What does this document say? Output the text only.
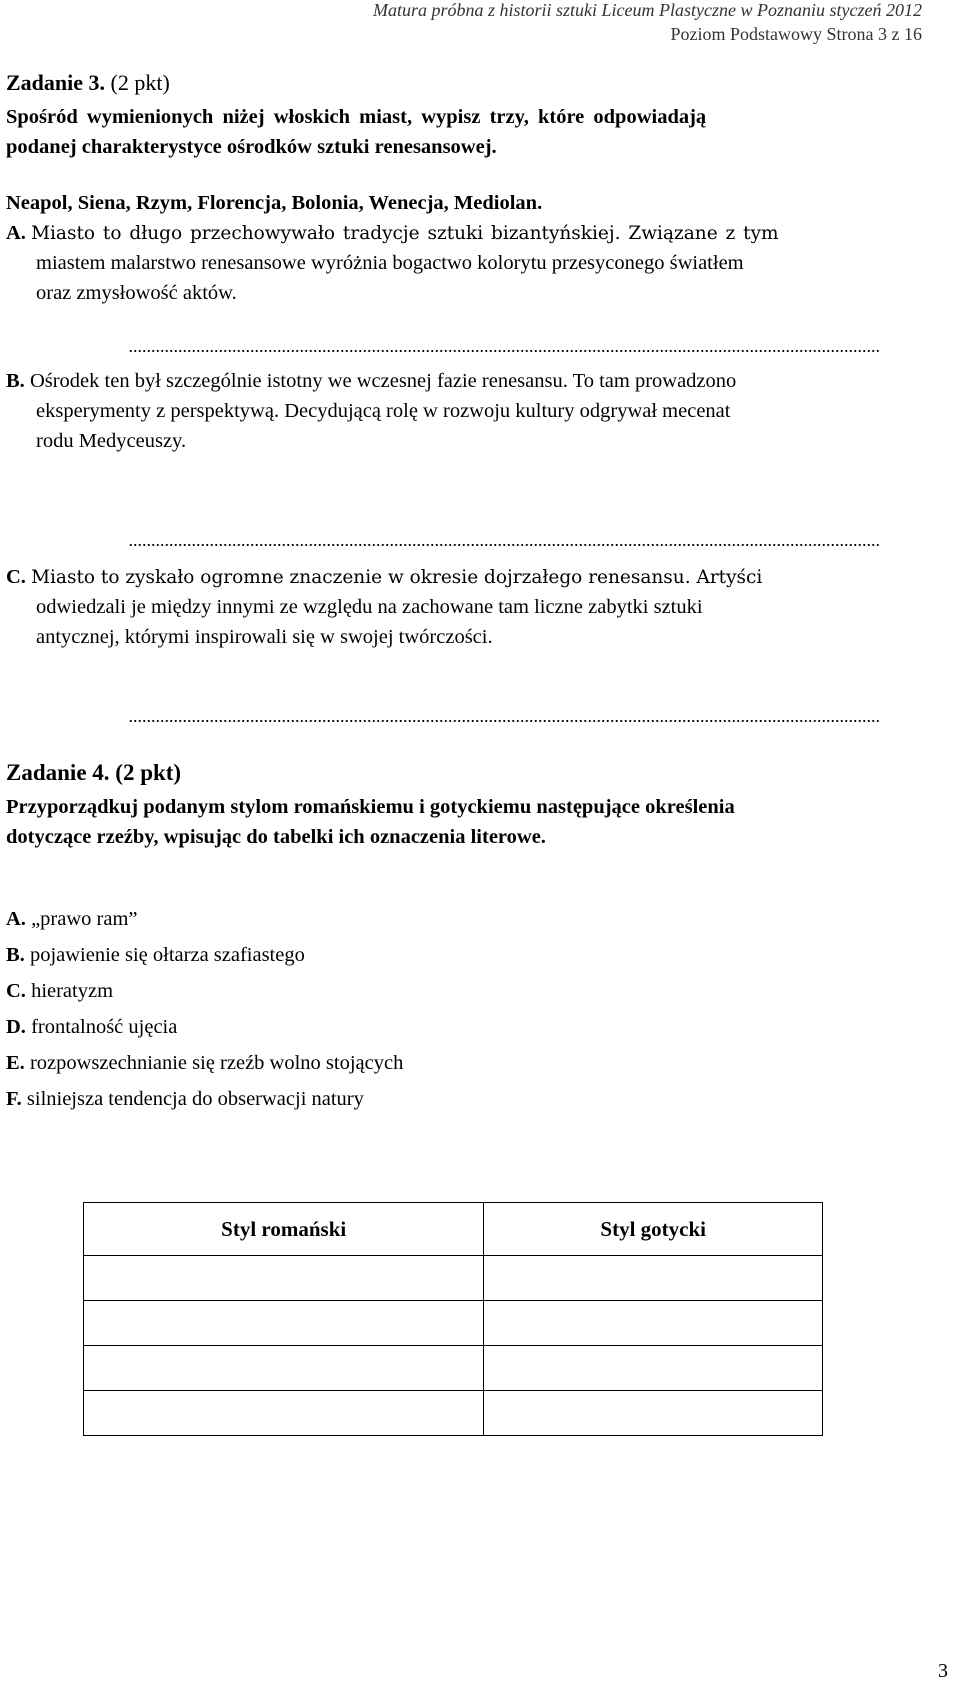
Matura próbna z historii sztuki Liceum Plastyczne w Poznaniu styczeń 2012
Poziom Podstawowy Strona 3 z 16
Zadanie 3. (2 pkt)
Spośród wymienionych niżej włoskich miast, wypisz trzy, które odpowiadają
podanej charakterystyce ośrodków sztuki renesansowej.
Neapol, Siena, Rzym, Florencja, Bolonia, Wenecja, Mediolan.
A. Miasto to długo przechowywało tradycje sztuki bizantyńskiej. Związane z tym
miastem malarstwo renesansowe wyróżnia bogactwo kolorytu przesyconego światłem
oraz zmysłowość aktów.
.......................................................................................................................................................................
B. Ośrodek ten był szczególnie istotny we wczesnej fazie renesansu. To tam prowadzono
eksperymenty z perspektywą. Decydującą rolę w rozwoju kultury odgrywał mecenat
rodu Medyceuszy.
.......................................................................................................................................................................
C. Miasto to zyskało ogromne znaczenie w okresie dojrzałego renesansu. Artyści
odwiedzali je między innymi ze względu na zachowane tam liczne zabytki sztuki
antycznej, którymi inspirowali się w swojej twórczości.
.......................................................................................................................................................................
Zadanie 4. (2 pkt)
Przyporządkuj podanym stylom romańskiemu i gotyckiemu następujące określenia
dotyczące rzeźby, wpisując do tabelki ich oznaczenia literowe.
A. „prawo ram”
B. pojawienie się ołtarza szafiastego
C. hieratyzm
D. frontalność ujęcia
E. rozpowszechnianie się rzeźb wolno stojących
F. silniejsza tendencja do obserwacji natury
Styl romański	Styl gotycki

3
